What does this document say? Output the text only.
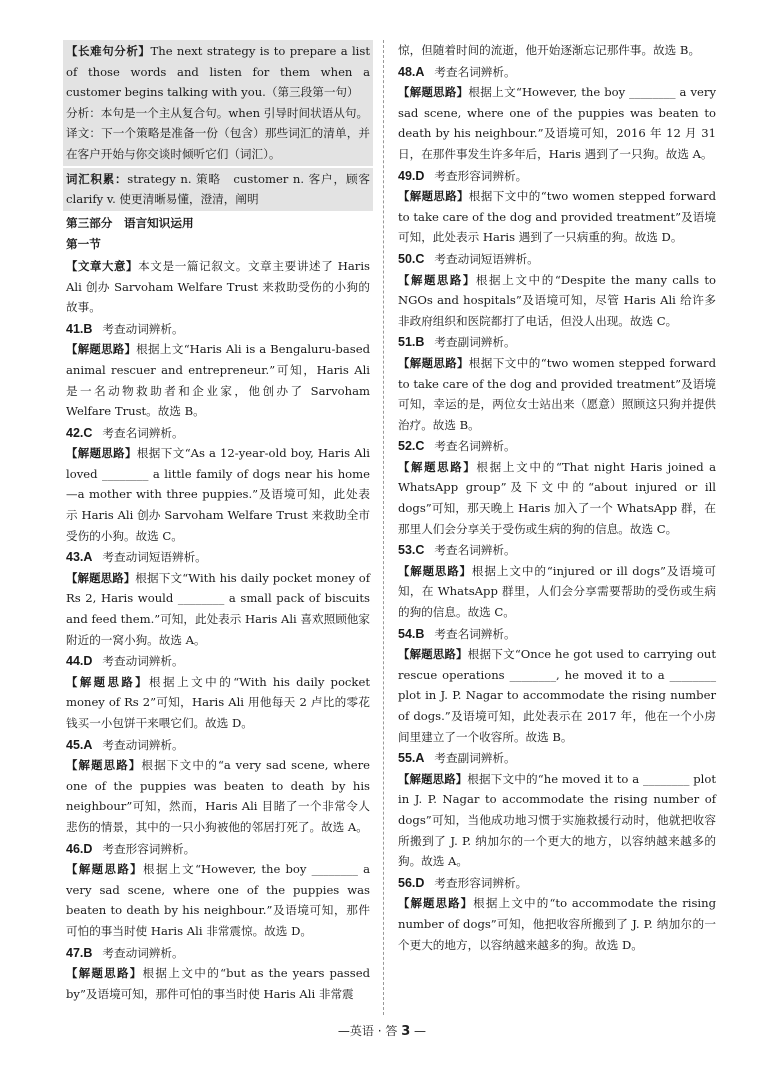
【长难句分析】The next strategy is to prepare a list of those words and listen for them when a customer begins talking with you.（第三段第一句）

分析：本句是一个主从复合句。when 引导时间状语从句。

译文：下一个策略是准备一份（包含）那些词汇的清单，并在客户开始与你交谈时倾听它们（词汇）。

词汇积累：strategy n. 策略　customer n. 客户，顾客　clarify v. 使更清晰易懂，澄清，阐明

第三部分　语言知识运用

第一节

【文章大意】本文是一篇记叙文。文章主要讲述了 Haris Ali 创办 Sarvoham Welfare Trust 来救助受伤的小狗的故事。

41.B 考查动词辨析。

【解题思路】根据上文“Haris Ali is a Bengaluru-based animal rescuer and entrepreneur.”可知，Haris Ali 是一名动物救助者和企业家，他创办了 Sarvoham Welfare Trust。故选 B。

42.C 考查名词辨析。

【解题思路】根据下文“As a 12-year-old boy, Haris Ali loved ________ a little family of dogs near his home—a mother with three puppies.”及语境可知，此处表示 Haris Ali 创办 Sarvoham Welfare Trust 来救助全市受伤的小狗。故选 C。

43.A 考查动词短语辨析。

【解题思路】根据下文“With his daily pocket money of Rs 2, Haris would ________ a small pack of biscuits and feed them.”可知，此处表示 Haris Ali 喜欢照顾他家附近的一窝小狗。故选 A。

44.D 考查动词辨析。

【解题思路】根据上文中的“With his daily pocket money of Rs 2”可知，Haris Ali 用他每天 2 卢比的零花钱买一小包饼干来喂它们。故选 D。

45.A 考查动词辨析。

【解题思路】根据下文中的“a very sad scene, where one of the puppies was beaten to death by his neighbour”可知，然而，Haris Ali 目睹了一个非常令人悲伤的情景，其中的一只小狗被他的邻居打死了。故选 A。

46.D 考查形容词辨析。

【解题思路】根据上文“However, the boy ________ a very sad scene, where one of the puppies was beaten to death by his neighbour.”及语境可知，那件可怕的事当时使 Haris Ali 非常震惊。故选 D。

47.B 考查动词辨析。

【解题思路】根据上文中的“but as the years passed by”及语境可知，那件可怕的事当时使 Haris Ali 非常震

惊，但随着时间的流逝，他开始逐渐忘记那件事。故选 B。

48.A 考查名词辨析。

【解题思路】根据上文“However, the boy ________ a very sad scene, where one of the puppies was beaten to death by his neighbour.”及语境可知，2016 年 12 月 31 日，在那件事发生许多年后，Haris 遇到了一只狗。故选 A。

49.D 考查形容词辨析。

【解题思路】根据下文中的“two women stepped forward to take care of the dog and provided treatment”及语境可知，此处表示 Haris 遇到了一只病重的狗。故选 D。

50.C 考查动词短语辨析。

【解题思路】根据上文中的“Despite the many calls to NGOs and hospitals”及语境可知，尽管 Haris Ali 给许多非政府组织和医院都打了电话，但没人出现。故选 C。

51.B 考查副词辨析。

【解题思路】根据下文中的“two women stepped forward to take care of the dog and provided treatment”及语境可知，幸运的是，两位女士站出来（愿意）照顾这只狗并提供治疗。故选 B。

52.C 考查名词辨析。

【解题思路】根据上文中的“That night Haris joined a WhatsApp group”及下文中的“about injured or ill dogs”可知，那天晚上 Haris 加入了一个 WhatsApp 群，在那里人们会分享关于受伤或生病的狗的信息。故选 C。

53.C 考查名词辨析。

【解题思路】根据上文中的“injured or ill dogs”及语境可知，在 WhatsApp 群里，人们会分享需要帮助的受伤或生病的狗的信息。故选 C。

54.B 考查名词辨析。

【解题思路】根据下文“Once he got used to carrying out rescue operations ________, he moved it to a ________ plot in J. P. Nagar to accommodate the rising number of dogs.”及语境可知，此处表示在 2017 年，他在一个小房间里建立了一个收容所。故选 B。

55.A 考查副词辨析。

【解题思路】根据下文中的“he moved it to a ________ plot in J. P. Nagar to accommodate the rising number of dogs”可知，当他成功地习惯于实施救援行动时，他就把收容所搬到了 J. P. 纳加尔的一个更大的地方，以容纳越来越多的狗。故选 A。

56.D 考查形容词辨析。

【解题思路】根据上文中的“to accommodate the rising number of dogs”可知，他把收容所搬到了 J. P. 纳加尔的一个更大的地方，以容纳越来越多的狗。故选 D。

—英语 · 答 3 —
